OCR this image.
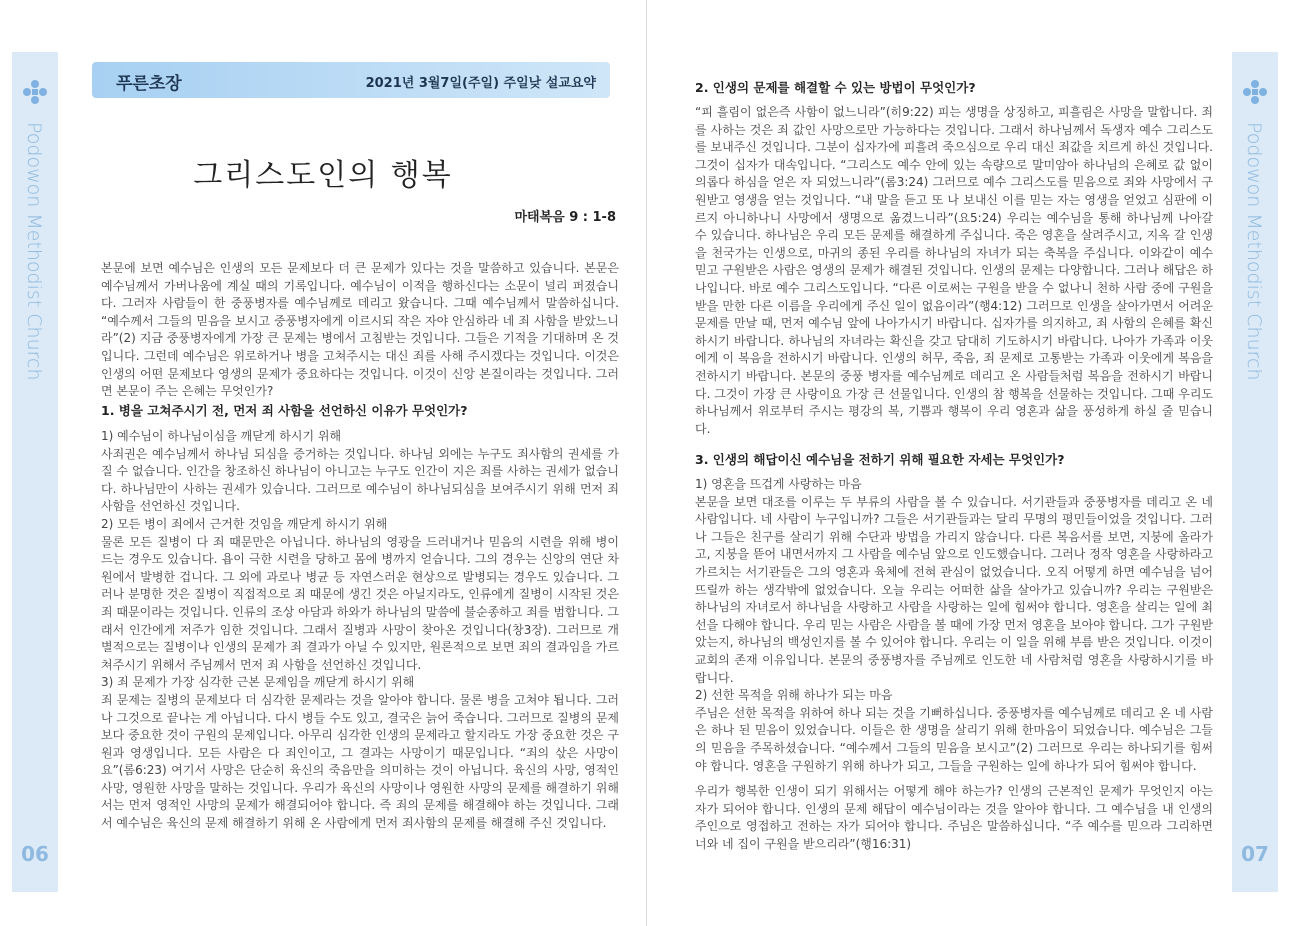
Podowon Methodist Church
06
푸른초장	2021년 3월7일(주일) 주일낮 설교요약
그리스도인의 행복
마태복음 9 : 1-8

본문에 보면 예수님은 인생의 모든 문제보다 더 큰 문제가 있다는 것을 말씀하고 있습니다. 본문은 예수님께서 가버나움에 계실 때의 기록입니다. 예수님이 이적을 행하신다는 소문이 널리 퍼졌습니다. 그러자 사람들이 한 중풍병자를 예수님께로 데리고 왔습니다. 그때 예수님께서 말씀하십니다. “예수께서 그들의 믿음을 보시고 중풍병자에게 이르시되 작은 자야 안심하라 네 죄 사함을 받았느니라”(2) 지금 중풍병자에게 가장 큰 문제는 병에서 고침받는 것입니다. 그들은 기적을 기대하며 온 것입니다. 그런데 예수님은 위로하거나 병을 고쳐주시는 대신 죄를 사해 주시겠다는 것입니다. 이것은 인생의 어떤 문제보다 영생의 문제가 중요하다는 것입니다. 이것이 신앙 본질이라는 것입니다. 그러면 본문이 주는 은혜는 무엇인가?

1. 병을 고쳐주시기 전, 먼저 죄 사함을 선언하신 이유가 무엇인가?

1) 예수님이 하나님이심을 깨닫게 하시기 위해

사죄권은 예수님께서 하나님 되심을 증거하는 것입니다. 하나님 외에는 누구도 죄사함의 권세를 가질 수 없습니다. 인간을 창조하신 하나님이 아니고는 누구도 인간이 지은 죄를 사하는 권세가 없습니다. 하나님만이 사하는 권세가 있습니다. 그러므로 예수님이 하나님되심을 보여주시기 위해 먼저 죄사함을 선언하신 것입니다.

2) 모든 병이 죄에서 근거한 것임을 깨닫게 하시기 위해

물론 모든 질병이 다 죄 때문만은 아닙니다. 하나님의 영광을 드러내거나 믿음의 시련을 위해 병이 드는 경우도 있습니다. 욥이 극한 시련을 당하고 몸에 병까지 얻습니다. 그의 경우는 신앙의 연단 차원에서 발병한 겁니다. 그 외에 과로나 병균 등 자연스러운 현상으로 발병되는 경우도 있습니다. 그러나 분명한 것은 질병이 직접적으로 죄 때문에 생긴 것은 아닐지라도, 인류에게 질병이 시작된 것은 죄 때문이라는 것입니다. 인류의 조상 아담과 하와가 하나님의 말씀에 불순종하고 죄를 범합니다. 그래서 인간에게 저주가 임한 것입니다. 그래서 질병과 사망이 찾아온 것입니다(창3장). 그러므로 개별적으로는 질병이나 인생의 문제가 죄 결과가 아닐 수 있지만, 원론적으로 보면 죄의 결과임을 가르쳐주시기 위해서 주님께서 먼저 죄 사함을 선언하신 것입니다.

3) 죄 문제가 가장 심각한 근본 문제임을 깨닫게 하시기 위해

죄 문제는 질병의 문제보다 더 심각한 문제라는 것을 알아야 합니다. 물론 병을 고쳐야 됩니다. 그러나 그것으로 끝나는 게 아닙니다. 다시 병들 수도 있고, 결국은 늙어 죽습니다. 그러므로 질병의 문제보다 중요한 것이 구원의 문제입니다. 아무리 심각한 인생의 문제라고 할지라도 가장 중요한 것은 구원과 영생입니다. 모든 사람은 다 죄인이고, 그 결과는 사망이기 때문입니다. “죄의 삯은 사망이요”(롬6:23) 여기서 사망은 단순히 육신의 죽음만을 의미하는 것이 아닙니다. 육신의 사망, 영적인 사망, 영원한 사망을 말하는 것입니다. 우리가 육신의 사망이나 영원한 사망의 문제를 해결하기 위해서는 먼저 영적인 사망의 문제가 해결되어야 합니다. 즉 죄의 문제를 해결해야 하는 것입니다. 그래서 예수님은 육신의 문제 해결하기 위해 온 사람에게 먼저 죄사함의 문제를 해결해 주신 것입니다.

2. 인생의 문제를 해결할 수 있는 방법이 무엇인가?

“피 흘림이 없은즉 사함이 없느니라”(히9:22) 피는 생명을 상징하고, 피흘림은 사망을 말합니다. 죄를 사하는 것은 죄 값인 사망으로만 가능하다는 것입니다. 그래서 하나님께서 독생자 예수 그리스도를 보내주신 것입니다. 그분이 십자가에 피흘려 죽으심으로 우리 대신 죄값을 치르게 하신 것입니다. 그것이 십자가 대속입니다. “그리스도 예수 안에 있는 속량으로 말미암아 하나님의 은혜로 값 없이 의롭다 하심을 얻은 자 되었느니라”(롬3:24) 그러므로 예수 그리스도를 믿음으로 죄와 사망에서 구원받고 영생을 얻는 것입니다. “내 말을 듣고 또 나 보내신 이를 믿는 자는 영생을 얻었고 심판에 이르지 아니하나니 사망에서 생명으로 옮겼느니라”(요5:24) 우리는 예수님을 통해 하나님께 나아갈 수 있습니다. 하나님은 우리 모든 문제를 해결하게 주십니다. 죽은 영혼을 살려주시고, 지옥 갈 인생을 천국가는 인생으로, 마귀의 종된 우리를 하나님의 자녀가 되는 축복을 주십니다. 이와같이 예수 믿고 구원받은 사람은 영생의 문제가 해결된 것입니다. 인생의 문제는 다양합니다. 그러나 해답은 하나입니다. 바로 예수 그리스도입니다. “다른 이로써는 구원을 받을 수 없나니 천하 사람 중에 구원을 받을 만한 다른 이름을 우리에게 주신 일이 없음이라”(행4:12) 그러므로 인생을 살아가면서 어려운 문제를 만날 때, 먼저 예수님 앞에 나아가시기 바랍니다. 십자가를 의지하고, 죄 사함의 은혜를 확신하시기 바랍니다. 하나님의 자녀라는 확신을 갖고 담대히 기도하시기 바랍니다. 나아가 가족과 이웃에게 이 복음을 전하시기 바랍니다. 인생의 허무, 죽음, 죄 문제로 고통받는 가족과 이웃에게 복음을 전하시기 바랍니다. 본문의 중풍 병자를 예수님께로 데리고 온 사람들처럼 복음을 전하시기 바랍니다. 그것이 가장 큰 사랑이요 가장 큰 선물입니다. 인생의 참 행복을 선물하는 것입니다. 그때 우리도 하나님께서 위로부터 주시는 평강의 복, 기쁨과 행복이 우리 영혼과 삶을 풍성하게 하실 줄 믿습니다.

3. 인생의 해답이신 예수님을 전하기 위해 필요한 자세는 무엇인가?

1) 영혼을 뜨겁게 사랑하는 마음

본문을 보면 대조를 이루는 두 부류의 사람을 볼 수 있습니다. 서기관들과 중풍병자를 데리고 온 네 사람입니다. 네 사람이 누구입니까? 그들은 서기관들과는 달리 무명의 평민들이었을 것입니다. 그러나 그들은 친구를 살리기 위해 수단과 방법을 가리지 않습니다. 다른 복음서를 보면, 지붕에 올라가고, 지붕을 뜯어 내면서까지 그 사람을 예수님 앞으로 인도했습니다. 그러나 정작 영혼을 사랑하라고 가르치는 서기관들은 그의 영혼과 육체에 전혀 관심이 없었습니다. 오직 어떻게 하면 예수님을 넘어뜨릴까 하는 생각밖에 없었습니다. 오늘 우리는 어떠한 삶을 살아가고 있습니까? 우리는 구원받은 하나님의 자녀로서 하나님을 사랑하고 사람을 사랑하는 일에 힘써야 합니다. 영혼을 살리는 일에 최선을 다해야 합니다. 우리 믿는 사람은 사람을 볼 때에 가장 먼저 영혼을 보아야 합니다. 그가 구원받았는지, 하나님의 백성인지를 볼 수 있어야 합니다. 우리는 이 일을 위해 부름 받은 것입니다. 이것이 교회의 존재 이유입니다. 본문의 중풍병자를 주님께로 인도한 네 사람처럼 영혼을 사랑하시기를 바랍니다.

2) 선한 목적을 위해 하나가 되는 마음

주님은 선한 목적을 위하여 하나 되는 것을 기뻐하십니다. 중풍병자를 예수님께로 데리고 온 네 사람은 하나 된 믿음이 있었습니다. 이들은 한 생명을 살리기 위해 한마음이 되었습니다. 예수님은 그들의 믿음을 주목하셨습니다. “예수께서 그들의 믿음을 보시고”(2) 그러므로 우리는 하나되기를 힘써야 합니다. 영혼을 구원하기 위해 하나가 되고, 그들을 구원하는 일에 하나가 되어 힘써야 합니다.

우리가 행복한 인생이 되기 위해서는 어떻게 해야 하는가? 인생의 근본적인 문제가 무엇인지 아는 자가 되어야 합니다. 인생의 문제 해답이 예수님이라는 것을 알아야 합니다. 그 예수님을 내 인생의 주인으로 영접하고 전하는 자가 되어야 합니다. 주님은 말씀하십니다. “주 예수를 믿으라 그리하면 너와 네 집이 구원을 받으리라”(행16:31)

Podowon Methodist Church
07
